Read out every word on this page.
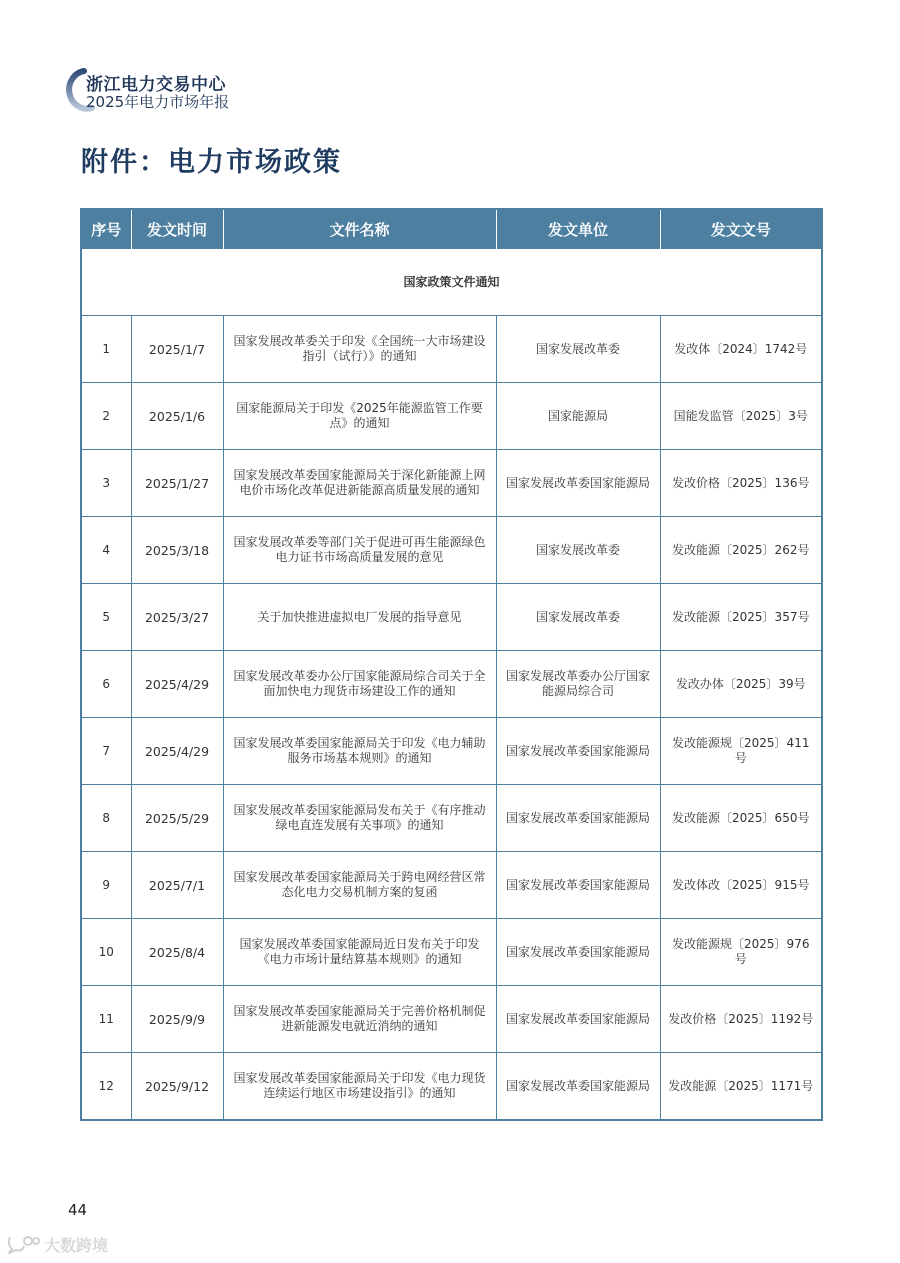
浙江电力交易中心
2025年电力市场年报
附件：电力市场政策
序号	发文时间	文件名称	发文单位	发文文号
国家政策文件通知				
1	2025/1/7	国家发展改革委关于印发《全国统一大市场建设指引（试行）》的通知	国家发展改革委	发改体〔2024〕1742号
2	2025/1/6	国家能源局关于印发《2025年能源监管工作要点》的通知	国家能源局	国能发监管〔2025〕3号
3	2025/1/27	国家发展改革委国家能源局关于深化新能源上网电价市场化改革促进新能源高质量发展的通知	国家发展改革委国家能源局	发改价格〔2025〕136号
4	2025/3/18	国家发展改革委等部门关于促进可再生能源绿色电力证书市场高质量发展的意见	国家发展改革委	发改能源〔2025〕262号
5	2025/3/27	关于加快推进虚拟电厂发展的指导意见	国家发展改革委	发改能源〔2025〕357号
6	2025/4/29	国家发展改革委办公厅国家能源局综合司关于全面加快电力现货市场建设工作的通知	国家发展改革委办公厅国家能源局综合司	发改办体〔2025〕39号
7	2025/4/29	国家发展改革委国家能源局关于印发《电力辅助服务市场基本规则》的通知	国家发展改革委国家能源局	发改能源规〔2025〕411号
8	2025/5/29	国家发展改革委国家能源局发布关于《有序推动绿电直连发展有关事项》的通知	国家发展改革委国家能源局	发改能源〔2025〕650号
9	2025/7/1	国家发展改革委国家能源局关于跨电网经营区常态化电力交易机制方案的复函	国家发展改革委国家能源局	发改体改〔2025〕915号
10	2025/8/4	国家发展改革委国家能源局近日发布关于印发《电力市场计量结算基本规则》的通知	国家发展改革委国家能源局	发改能源规〔2025〕976号
11	2025/9/9	国家发展改革委国家能源局关于完善价格机制促进新能源发电就近消纳的通知	国家发展改革委国家能源局	发改价格〔2025〕1192号
12	2025/9/12	国家发展改革委国家能源局关于印发《电力现货连续运行地区市场建设指引》的通知	国家发展改革委国家能源局	发改能源〔2025〕1171号
44
大数跨境
